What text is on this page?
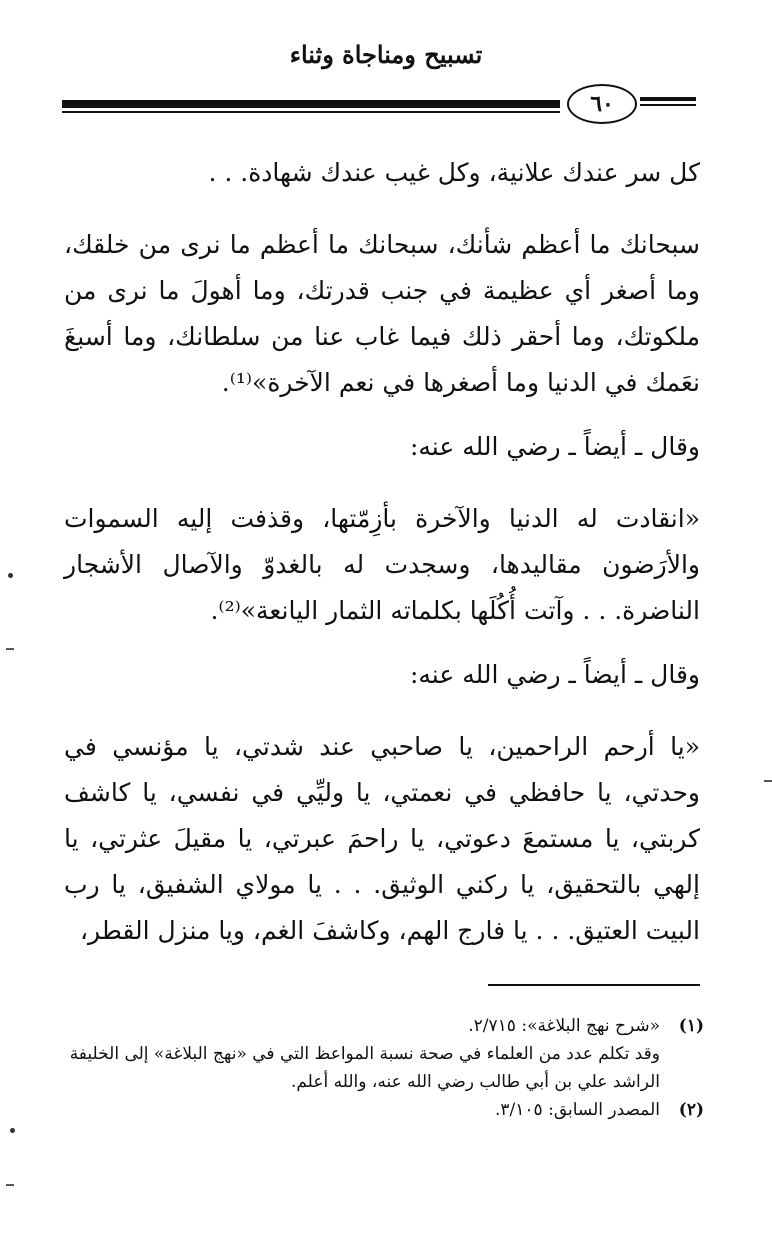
تسبيح ومناجاة وثناء
٦٠

كل سر عندك علانية، وكل غيب عندك شهادة. . .

سبحانك ما أعظم شأنك، سبحانك ما أعظم ما نرى من خلقك، وما أصغر أي عظيمة في جنب قدرتك، وما أهولَ ما نرى من ملكوتك، وما أحقر ذلك فيما غاب عنا من سلطانك، وما أسبغَ نعَمك في الدنيا وما أصغرها في نعم الآخرة»⁽¹⁾.

وقال ـ أيضاً ـ رضي الله عنه:

«انقادت له الدنيا والآخرة بأزِمّتها، وقذفت إليه السموات والأرَضون مقاليدها، وسجدت له بالغدوّ والآصال الأشجار الناضرة. . . وآتت أُكُلَها بكلماته الثمار اليانعة»⁽²⁾.

وقال ـ أيضاً ـ رضي الله عنه:

«يا أرحم الراحمين، يا صاحبي عند شدتي، يا مؤنسي في وحدتي، يا حافظي في نعمتي، يا وليِّي في نفسي، يا كاشف كربتي، يا مستمعَ دعوتي، يا راحمَ عبرتي، يا مقيلَ عثرتي، يا إلهي بالتحقيق، يا ركني الوثيق. . . يا مولاي الشفيق، يا رب البيت العتيق. . . يا فارج الهم، وكاشفَ الغم، ويا منزل القطر،

(١)
«شرح نهج البلاغة»: ٢/٧١٥.
وقد تكلم عدد من العلماء في صحة نسبة المواعظ التي في «نهج البلاغة» إلى الخليفة الراشد علي بن أبي طالب رضي الله عنه، والله أعلم.
(٢)
المصدر السابق: ٣/١٠٥.
